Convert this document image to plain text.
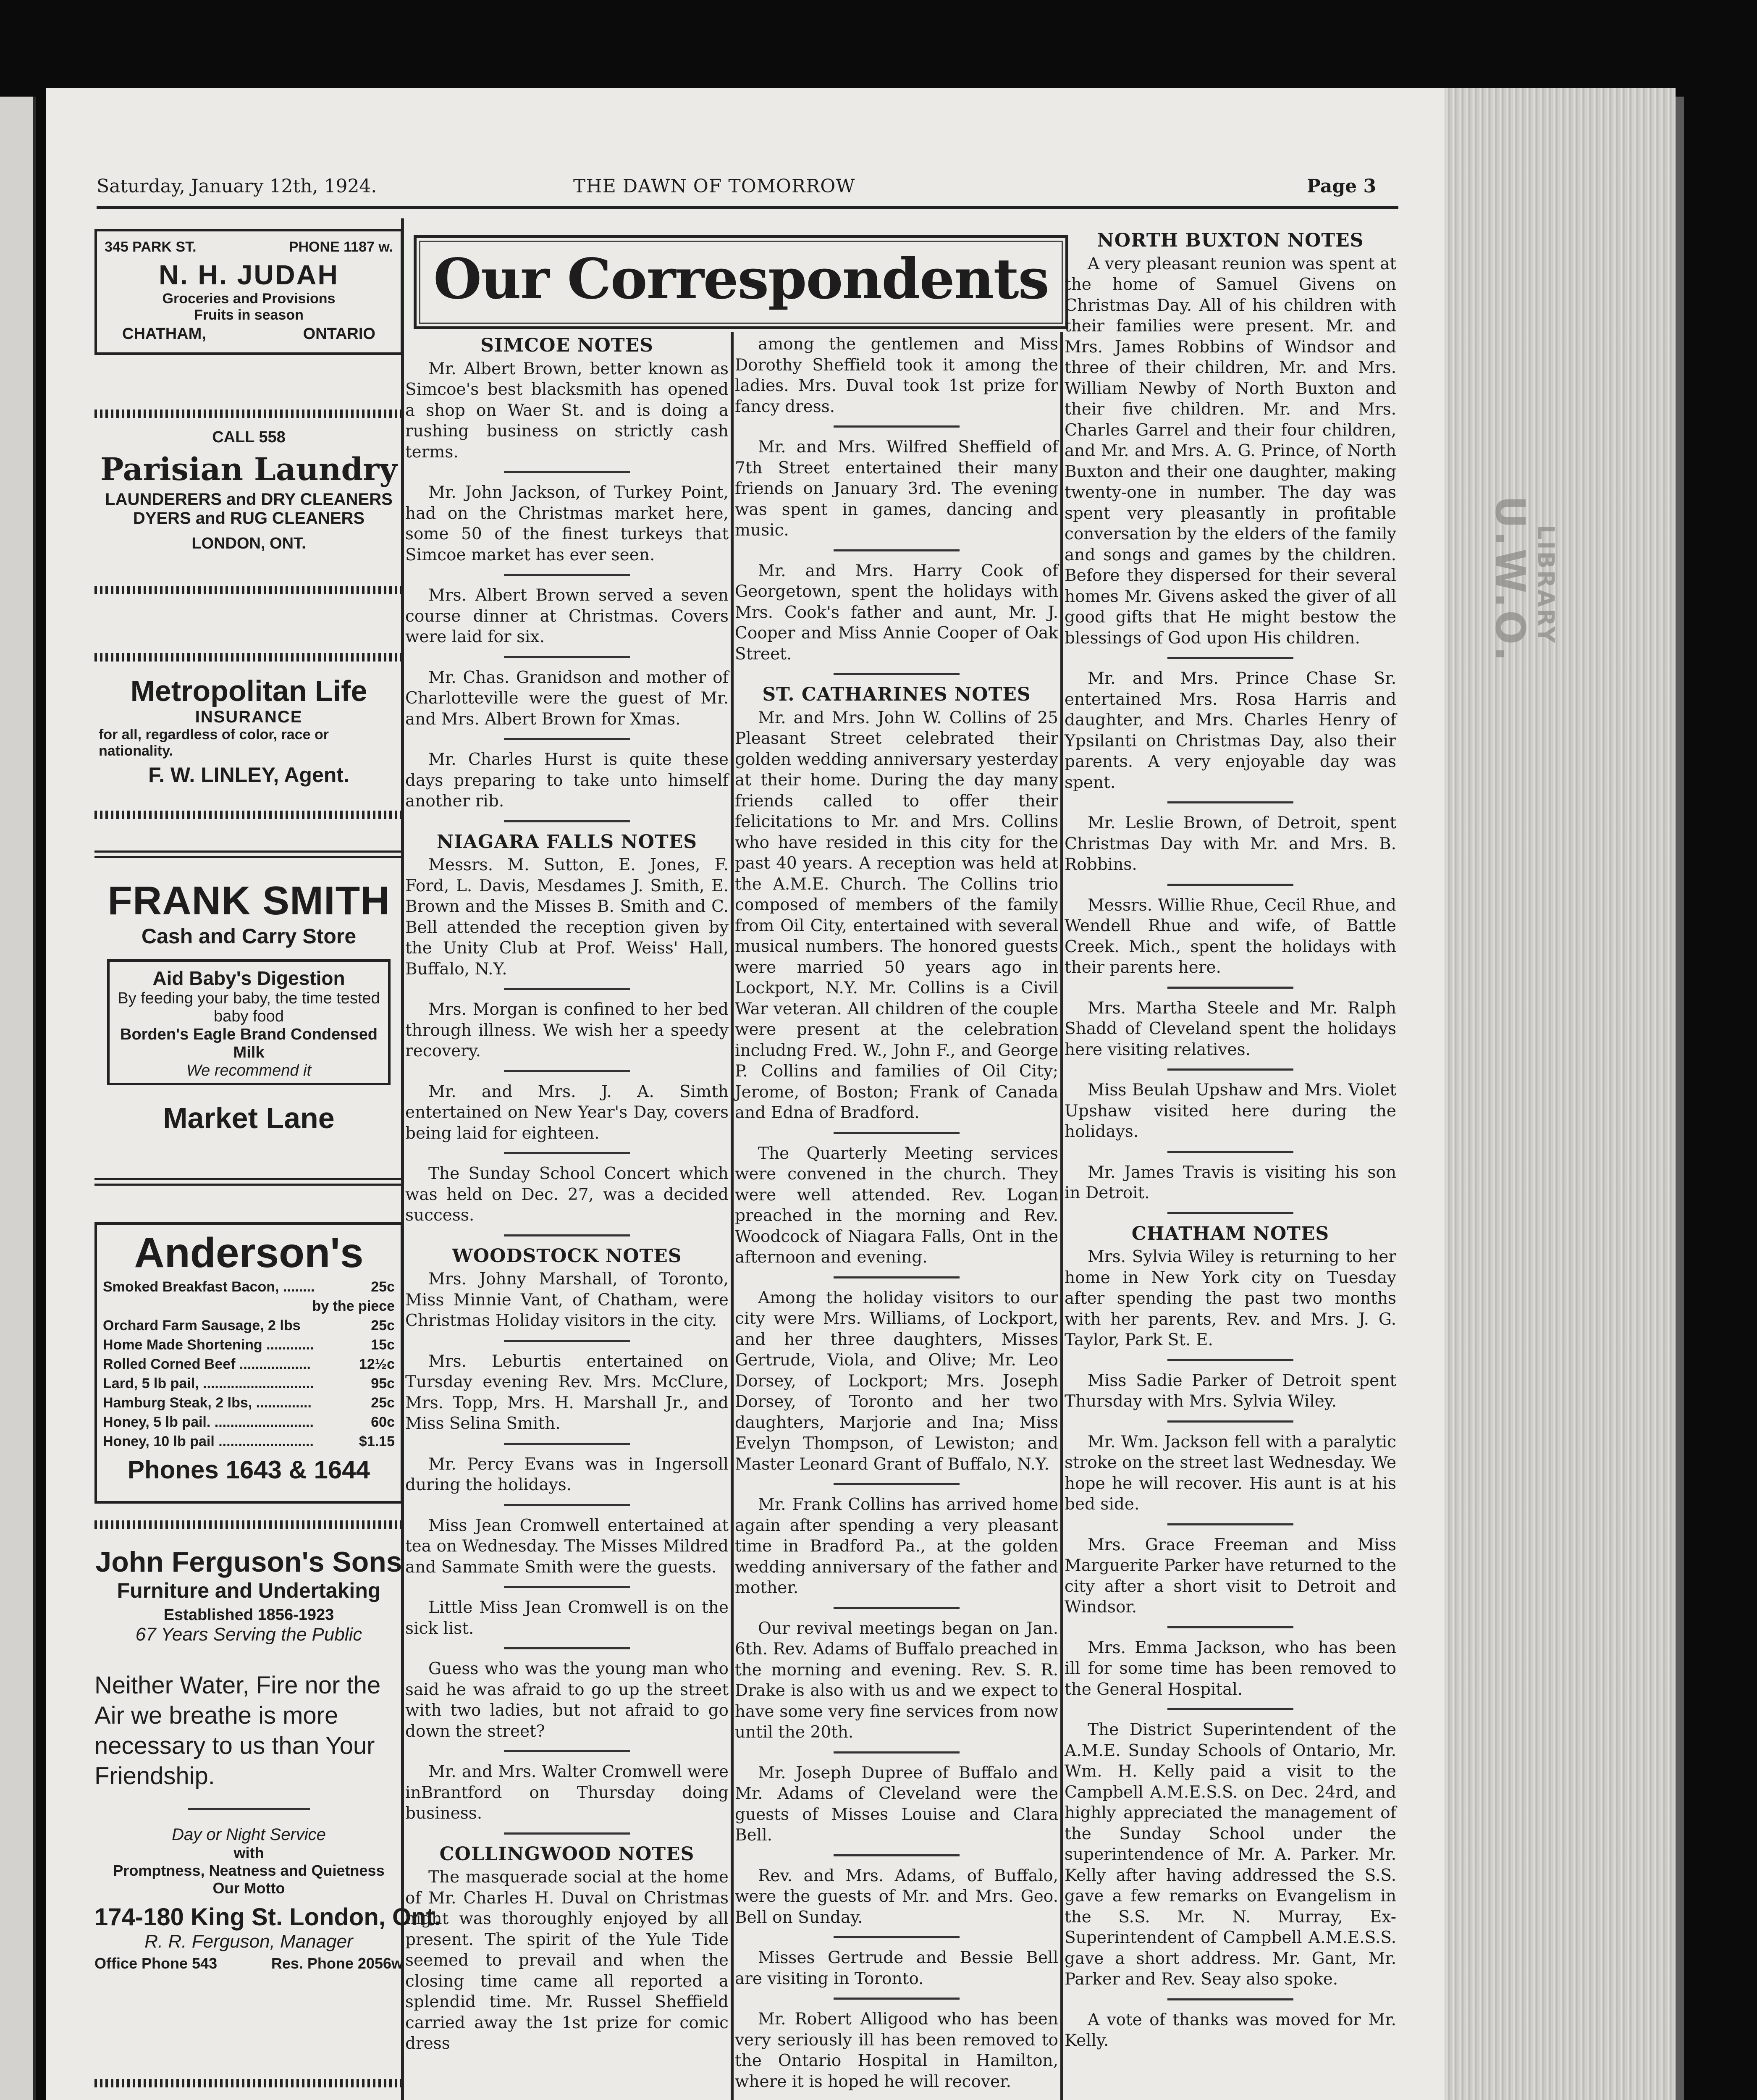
U.W.O.
LIBRARY
Saturday, January 12th, 1924.	THE DAWN OF TOMORROW	Page 3
345 PARK ST.	PHONE 1187 w.
N. H. JUDAH
Groceries and Provisions
Fruits in season
CHATHAM,	ONTARIO
CALL 558
Parisian Laundry
LAUNDERERS and DRY CLEANERS
DYERS and RUG CLEANERS
LONDON, ONT.
Metropolitan Life
INSURANCE
for all, regardless of color, race or nationality.
F. W. LINLEY, Agent.
FRANK SMITH
Cash and Carry Store
Aid Baby's Digestion
By feeding your baby, the time tested baby food
Borden's Eagle Brand Condensed Milk
We recommend it
Market Lane
Anderson's
Smoked Breakfast Bacon, ........	25c
by the piece
Orchard Farm Sausage, 2 lbs	25c
Home Made Shortening ............	15c
Rolled Corned Beef ..................	12½c
Lard, 5 lb pail, ............................	95c
Hamburg Steak, 2 lbs, ..............	25c
Honey, 5 lb pail. .........................	60c
Honey, 10 lb pail ........................	$1.15
Phones 1643 & 1644
John Ferguson's Sons
Furniture and Undertaking
Established 1856-1923
67 Years Serving the Public
Neither Water, Fire nor the Air we breathe is more necessary to us than Your Friendship.
Day or Night Service
with
Promptness, Neatness and Quietness
Our Motto
174-180 King St. London, Ont.
R. R. Ferguson, Manager
Office Phone 543	Res. Phone 2056w
Our Correspondents
SIMCOE NOTES

Mr. Albert Brown, better known as Simcoe's best blacksmith has opened a shop on Waer St. and is doing a rushing business on strictly cash terms.

Mr. John Jackson, of Turkey Point, had on the Christmas market here, some 50 of the finest turkeys that Simcoe market has ever seen.

Mrs. Albert Brown served a seven course dinner at Christmas. Covers were laid for six.

Mr. Chas. Granidson and mother of Charlotteville were the guest of Mr. and Mrs. Albert Brown for Xmas.

Mr. Charles Hurst is quite these days preparing to take unto himself another rib.

NIAGARA FALLS NOTES

Messrs. M. Sutton, E. Jones, F. Ford, L. Davis, Mesdames J. Smith, E. Brown and the Misses B. Smith and C. Bell attended the reception given by the Unity Club at Prof. Weiss' Hall, Buffalo, N.Y.

Mrs. Morgan is confined to her bed through illness. We wish her a speedy recovery.

Mr. and Mrs. J. A. Simth entertained on New Year's Day, covers being laid for eighteen.

The Sunday School Concert which was held on Dec. 27, was a decided success.

WOODSTOCK NOTES

Mrs. Johny Marshall, of Toronto, Miss Minnie Vant, of Chatham, were Christmas Holiday visitors in the city.

Mrs. Leburtis entertained on Tursday evening Rev. Mrs. McClure, Mrs. Topp, Mrs. H. Marshall Jr., and Miss Selina Smith.

Mr. Percy Evans was in Ingersoll during the holidays.

Miss Jean Cromwell entertained at tea on Wednesday. The Misses Mildred and Sammate Smith were the guests.

Little Miss Jean Cromwell is on the sick list.

Guess who was the young man who said he was afraid to go up the street with two ladies, but not afraid to go down the street?

Mr. and Mrs. Walter Cromwell were inBrantford on Thursday doing business.

COLLINGWOOD NOTES

The masquerade social at the home of Mr. Charles H. Duval on Christmas night was thoroughly enjoyed by all present. The spirit of the Yule Tide seemed to prevail and when the closing time came all reported a splendid time. Mr. Russel Sheffield carried away the 1st prize for comic dress

among the gentlemen and Miss Dorothy Sheffield took it among the ladies. Mrs. Duval took 1st prize for fancy dress.

Mr. and Mrs. Wilfred Sheffield of 7th Street entertained their many friends on January 3rd. The evening was spent in games, dancing and music.

Mr. and Mrs. Harry Cook of Georgetown, spent the holidays with Mrs. Cook's father and aunt, Mr. J. Cooper and Miss Annie Cooper of Oak Street.

ST. CATHARINES NOTES

Mr. and Mrs. John W. Collins of 25 Pleasant Street celebrated their golden wedding anniversary yesterday at their home. During the day many friends called to offer their felicitations to Mr. and Mrs. Collins who have resided in this city for the past 40 years. A reception was held at the A.M.E. Church. The Collins trio composed of members of the family from Oil City, entertained with several musical numbers. The honored guests were married 50 years ago in Lockport, N.Y. Mr. Collins is a Civil War veteran. All children of the couple were present at the celebration includng Fred. W., John F., and George P. Collins and families of Oil City; Jerome, of Boston; Frank of Canada and Edna of Bradford.

The Quarterly Meeting services were convened in the church. They were well attended. Rev. Logan preached in the morning and Rev. Woodcock of Niagara Falls, Ont in the afternoon and evening.

Among the holiday visitors to our city were Mrs. Williams, of Lockport, and her three daughters, Misses Gertrude, Viola, and Olive; Mr. Leo Dorsey, of Lockport; Mrs. Joseph Dorsey, of Toronto and her two daughters, Marjorie and Ina; Miss Evelyn Thompson, of Lewiston; and Master Leonard Grant of Buffalo, N.Y.

Mr. Frank Collins has arrived home again after spending a very pleasant time in Bradford Pa., at the golden wedding anniversary of the father and mother.

Our revival meetings began on Jan. 6th. Rev. Adams of Buffalo preached in the morning and evening. Rev. S. R. Drake is also with us and we expect to have some very fine services from now until the 20th.

Mr. Joseph Dupree of Buffalo and Mr. Adams of Cleveland were the guests of Misses Louise and Clara Bell.

Rev. and Mrs. Adams, of Buffalo, were the guests of Mr. and Mrs. Geo. Bell on Sunday.

Misses Gertrude and Bessie Bell are visiting in Toronto.

Mr. Robert Alligood who has been very seriously ill has been removed to the Ontario Hospital in Hamilton, where it is hoped he will recover.

NORTH BUXTON NOTES

A very pleasant reunion was spent at the home of Samuel Givens on Christmas Day. All of his children with their families were present. Mr. and Mrs. James Robbins of Windsor and three of their children, Mr. and Mrs. William Newby of North Buxton and their five children. Mr. and Mrs. Charles Garrel and their four children, and Mr. and Mrs. A. G. Prince, of North Buxton and their one daughter, making twenty-one in number. The day was spent very pleasantly in profitable conversation by the elders of the family and songs and games by the children. Before they dispersed for their several homes Mr. Givens asked the giver of all good gifts that He might bestow the blessings of God upon His children.

Mr. and Mrs. Prince Chase Sr. entertained Mrs. Rosa Harris and daughter, and Mrs. Charles Henry of Ypsilanti on Christmas Day, also their parents. A very enjoyable day was spent.

Mr. Leslie Brown, of Detroit, spent Christmas Day with Mr. and Mrs. B. Robbins.

Messrs. Willie Rhue, Cecil Rhue, and Wendell Rhue and wife, of Battle Creek. Mich., spent the holidays with their parents here.

Mrs. Martha Steele and Mr. Ralph Shadd of Cleveland spent the holidays here visiting relatives.

Miss Beulah Upshaw and Mrs. Violet Upshaw visited here during the holidays.

Mr. James Travis is visiting his son in Detroit.

CHATHAM NOTES

Mrs. Sylvia Wiley is returning to her home in New York city on Tuesday after spending the past two months with her parents, Rev. and Mrs. J. G. Taylor, Park St. E.

Miss Sadie Parker of Detroit spent Thursday with Mrs. Sylvia Wiley.

Mr. Wm. Jackson fell with a paralytic stroke on the street last Wednesday. We hope he will recover. His aunt is at his bed side.

Mrs. Grace Freeman and Miss Marguerite Parker have returned to the city after a short visit to Detroit and Windsor.

Mrs. Emma Jackson, who has been ill for some time has been removed to the General Hospital.

The District Superintendent of the A.M.E. Sunday Schools of Ontario, Mr. Wm. H. Kelly paid a visit to the Campbell A.M.E.S.S. on Dec. 24rd, and highly appreciated the management of the Sunday School under the superintendence of Mr. A. Parker. Mr. Kelly after having addressed the S.S. gave a few remarks on Evangelism in the S.S. Mr. N. Murray, Ex-Superintendent of Campbell A.M.E.S.S. gave a short address. Mr. Gant, Mr. Parker and Rev. Seay also spoke.

A vote of thanks was moved for Mr. Kelly.
